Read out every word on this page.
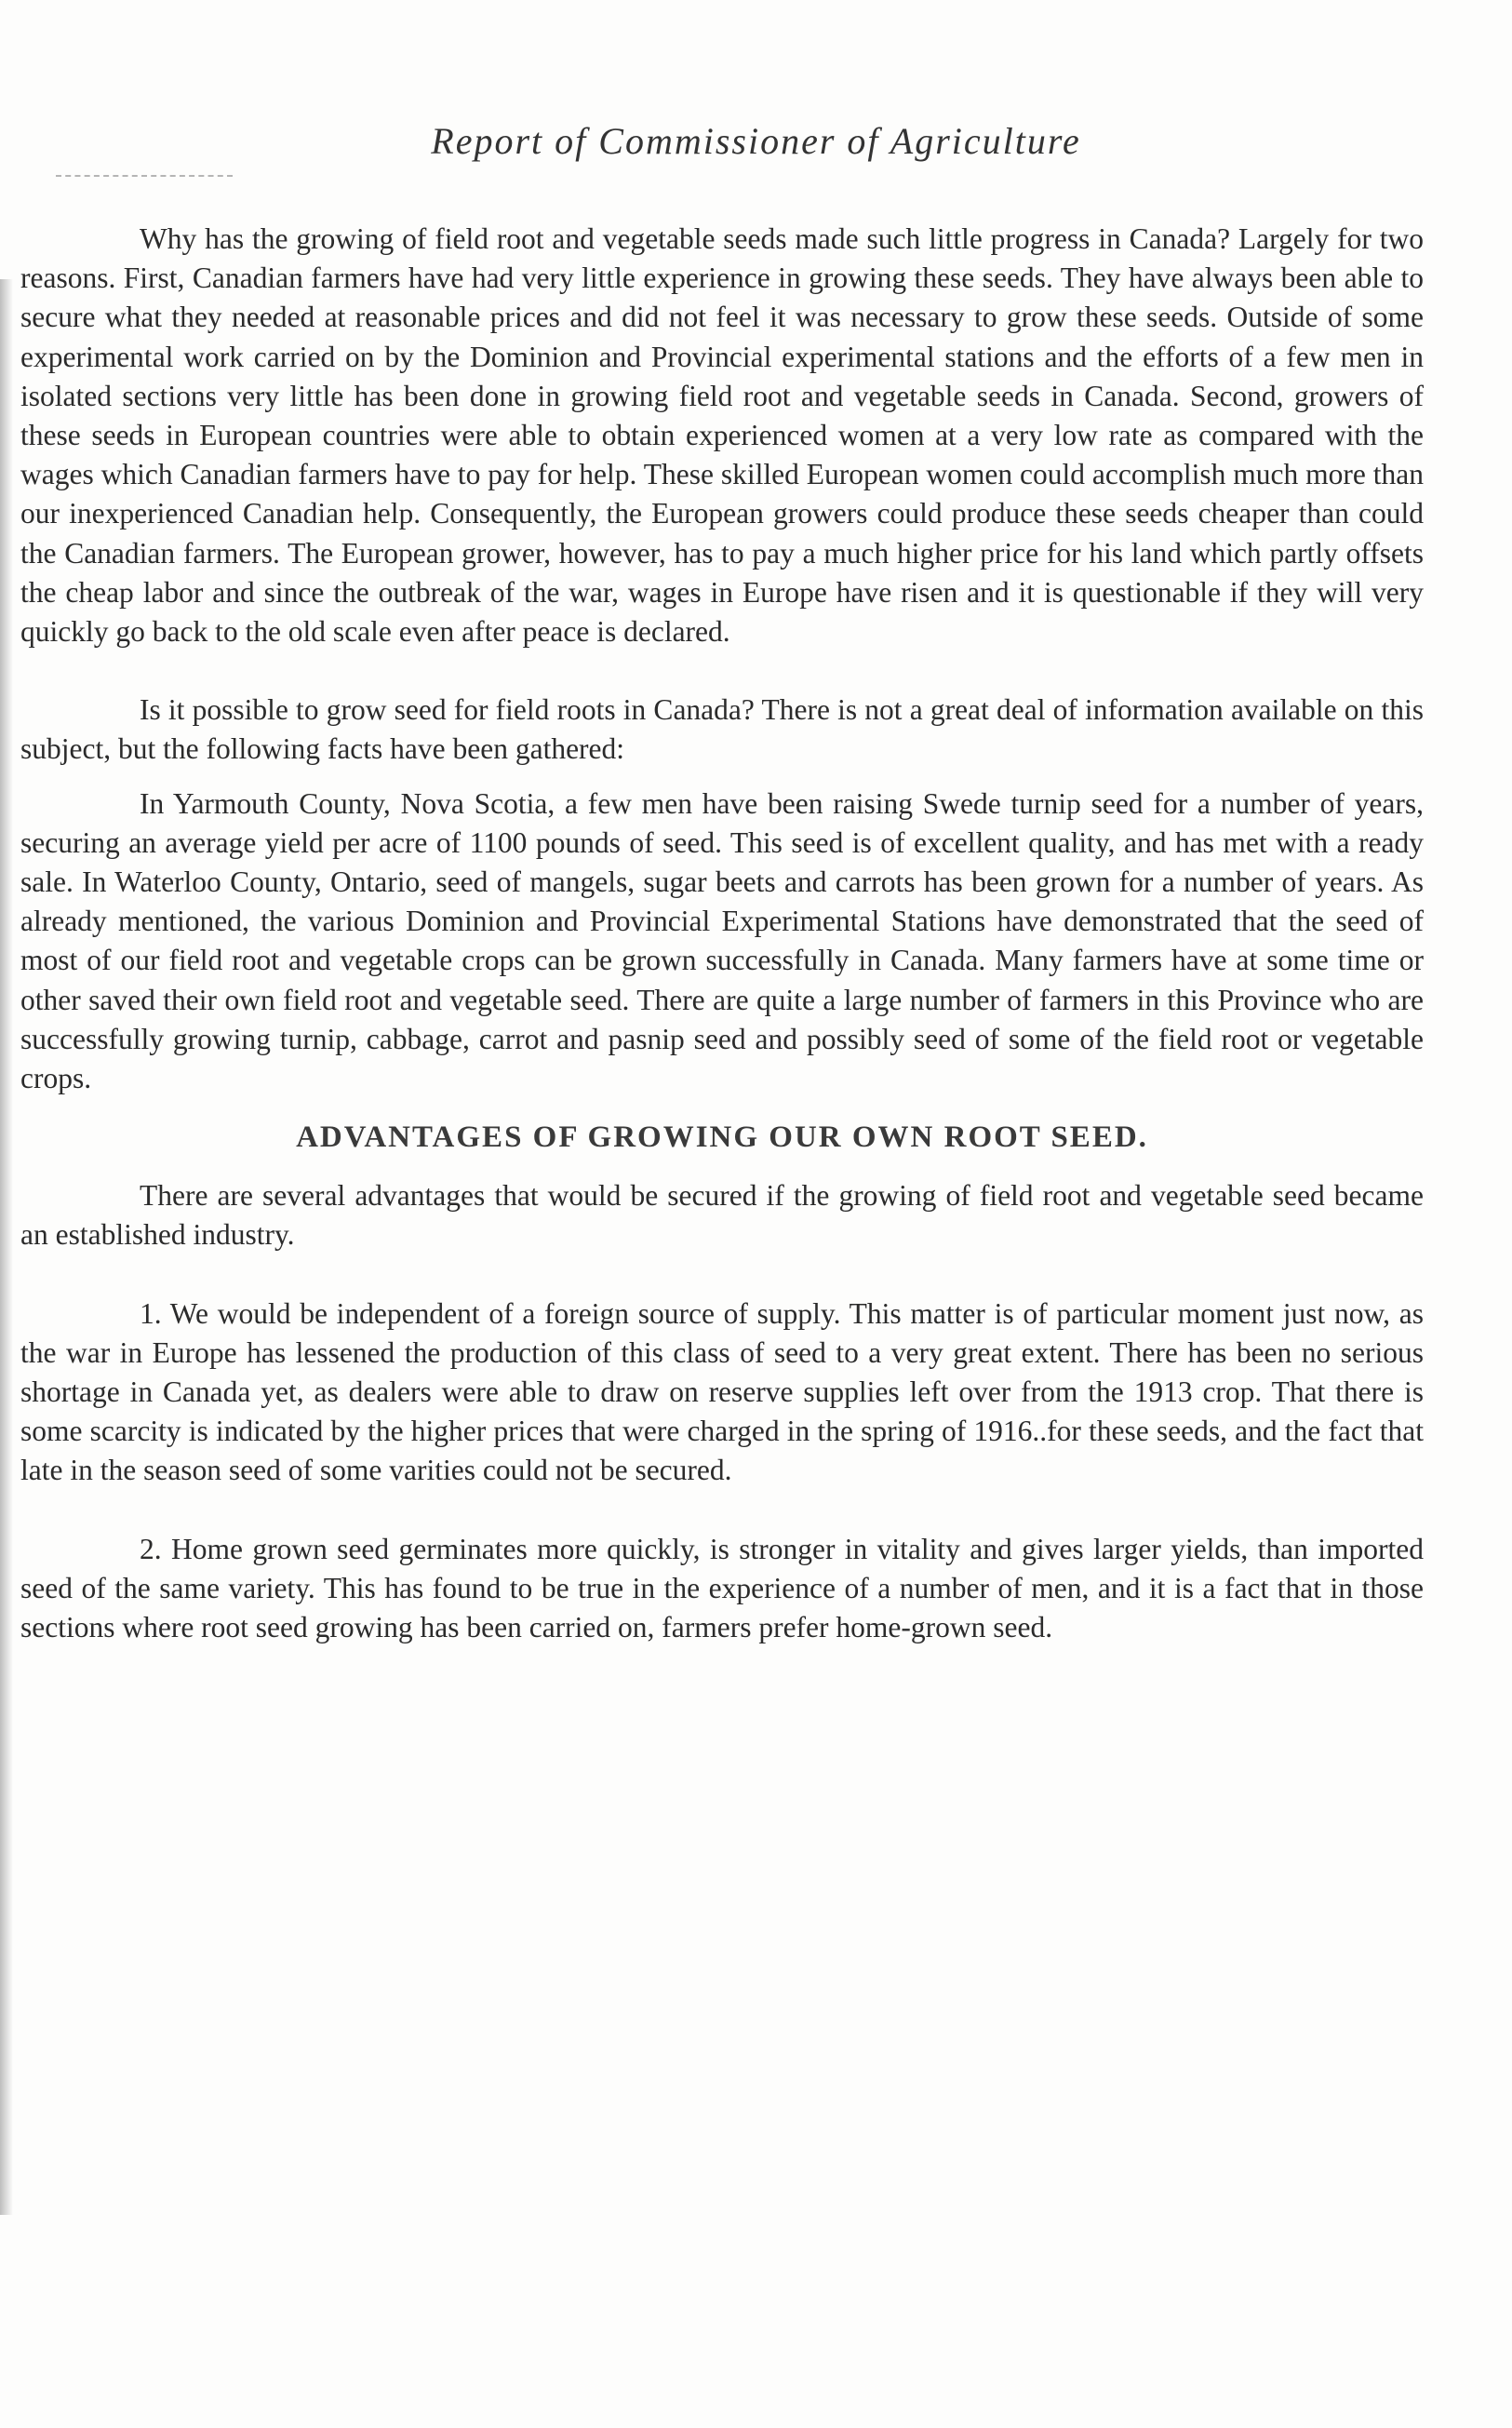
Report of Commissioner of Agriculture

Why has the growing of field root and vegetable seeds made such little progress in Canada? Largely for two reasons. First, Canadian farmers have had very little experience in growing these seeds. They have always been able to secure what they needed at reasonable prices and did not feel it was necessary to grow these seeds. Outside of some experimental work carried on by the Dominion and Provincial experimental stations and the efforts of a few men in isolated sections very little has been done in growing field root and vegetable seeds in Canada. Second, growers of these seeds in European countries were able to obtain experienced women at a very low rate as compared with the wages which Canadian farmers have to pay for help. These skilled European women could accomplish much more than our inexperienced Canadian help. Consequently, the European growers could produce these seeds cheaper than could the Canadian farmers. The European grower, however, has to pay a much higher price for his land which partly offsets the cheap labor and since the outbreak of the war, wages in Europe have risen and it is questionable if they will very quickly go back to the old scale even after peace is declared.

Is it possible to grow seed for field roots in Canada? There is not a great deal of information available on this subject, but the following facts have been gathered:

In Yarmouth County, Nova Scotia, a few men have been raising Swede turnip seed for a number of years, securing an average yield per acre of 1100 pounds of seed. This seed is of excellent quality, and has met with a ready sale. In Waterloo County, Ontario, seed of mangels, sugar beets and carrots has been grown for a number of years. As already mentioned, the various Dominion and Provincial Experimental Stations have demonstrated that the seed of most of our field root and vegetable crops can be grown successfully in Canada. Many farmers have at some time or other saved their own field root and vegetable seed. There are quite a large number of farmers in this Province who are successfully growing turnip, cabbage, carrot and pasnip seed and possibly seed of some of the field root or vegetable crops.

ADVANTAGES OF GROWING OUR OWN ROOT SEED.

There are several advantages that would be secured if the growing of field root and vegetable seed became an established industry.

1. We would be independent of a foreign source of supply. This matter is of particular moment just now, as the war in Europe has lessened the production of this class of seed to a very great extent. There has been no serious shortage in Canada yet, as dealers were able to draw on reserve supplies left over from the 1913 crop. That there is some scarcity is indicated by the higher prices that were charged in the spring of 1916..for these seeds, and the fact that late in the season seed of some varities could not be secured.

2. Home grown seed germinates more quickly, is stronger in vitality and gives larger yields, than imported seed of the same variety. This has found to be true in the experience of a number of men, and it is a fact that in those sections where root seed growing has been carried on, farmers prefer home-grown seed.
